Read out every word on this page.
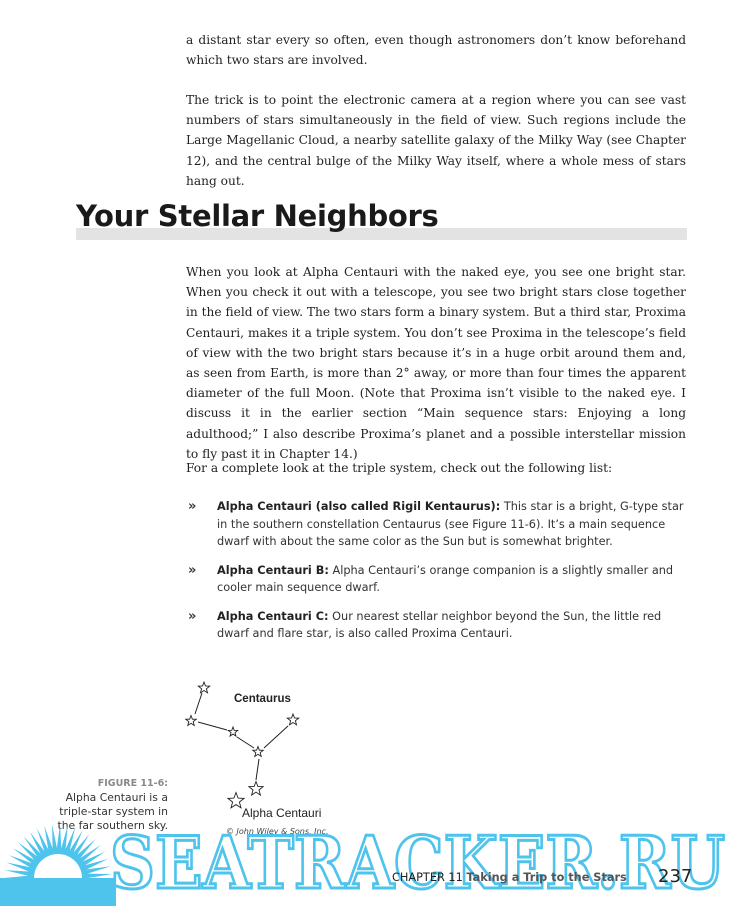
a distant star every so often, even though astronomers don’t know beforehand which two stars are involved.

The trick is to point the electronic camera at a region where you can see vast numbers of stars simultaneously in the field of view. Such regions include the Large Magellanic Cloud, a nearby satellite galaxy of the Milky Way (see Chapter 12), and the central bulge of the Milky Way itself, where a whole mess of stars hang out.

Your Stellar Neighbors

When you look at Alpha Centauri with the naked eye, you see one bright star. When you check it out with a telescope, you see two bright stars close together in the field of view. The two stars form a binary system. But a third star, Proxima Centauri, makes it a triple system. You don’t see Proxima in the telescope’s field of view with the two bright stars because it’s in a huge orbit around them and, as seen from Earth, is more than 2° away, or more than four times the apparent diameter of the full Moon. (Note that Proxima isn’t visible to the naked eye. I discuss it in the earlier section “Main sequence stars: Enjoying a long adulthood;” I also describe Proxima’s planet and a possible interstellar mission to fly past it in Chapter 14.)

For a complete look at the triple system, check out the following list:

» Alpha Centauri (also called Rigil Kentaurus): This star is a bright, G-type star in the southern constellation Centaurus (see Figure 11-6). It’s a main sequence dwarf with about the same color as the Sun but is somewhat brighter.
» Alpha Centauri B: Alpha Centauri’s orange companion is a slightly smaller and cooler main sequence dwarf.
» Alpha Centauri C: Our nearest stellar neighbor beyond the Sun, the little red dwarf and flare star, is also called Proxima Centauri.
FIGURE 11-6:
Alpha Centauri is a triple-star system in the far southern sky.
Centaurus
Alpha Centauri
© John Wiley & Sons, Inc.
SEATRACKER.RU
CHAPTER 11 Taking a Trip to the Stars 237
